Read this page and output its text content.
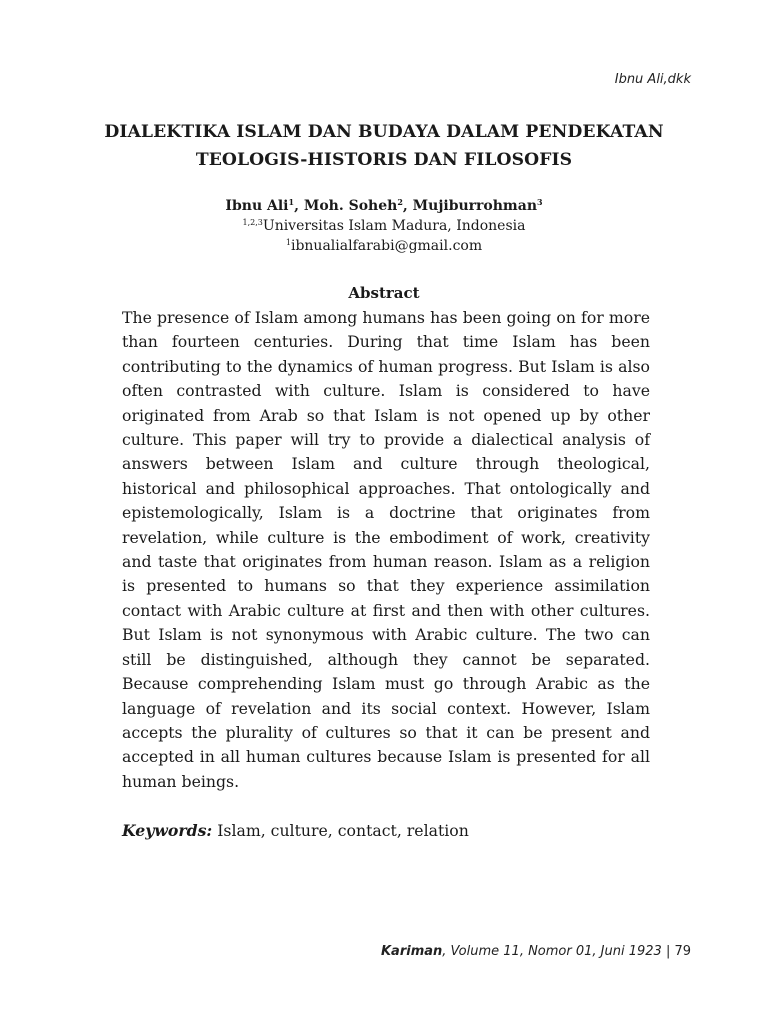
Ibnu Ali,dkk
DIALEKTIKA ISLAM DAN BUDAYA DALAM PENDEKATAN
TEOLOGIS-HISTORIS DAN FILOSOFIS
Ibnu Ali$^1$, Moh. Soheh$^2$, Mujiburrohman$^3$
$^{1,2,3}$Universitas Islam Madura, Indonesia
$^1$ibnualialfarabi@gmail.com
Abstract

The presence of Islam among humans has been going on for more than fourteen centuries. During that time Islam has been contributing to the dynamics of human progress. But Islam is also often contrasted with culture. Islam is considered to have originated from Arab so that Islam is not opened up by other culture. This paper will try to provide a dialectical analysis of answers between Islam and culture through theological, historical and philosophical approaches. That ontologically and epistemologically, Islam is a doctrine that originates from revelation, while culture is the embodiment of work, creativity and taste that originates from human reason. Islam as a religion is presented to humans so that they experience assimilation contact with Arabic culture at first and then with other cultures. But Islam is not synonymous with Arabic culture. The two can still be distinguished, although they cannot be separated. Because comprehending Islam must go through Arabic as the language of revelation and its social context. However, Islam accepts the plurality of cultures so that it can be present and accepted in all human cultures because Islam is presented for all human beings.

Keywords: Islam, culture, contact, relation
Kariman, Volume 11, Nomor 01, Juni 1923 | 79
